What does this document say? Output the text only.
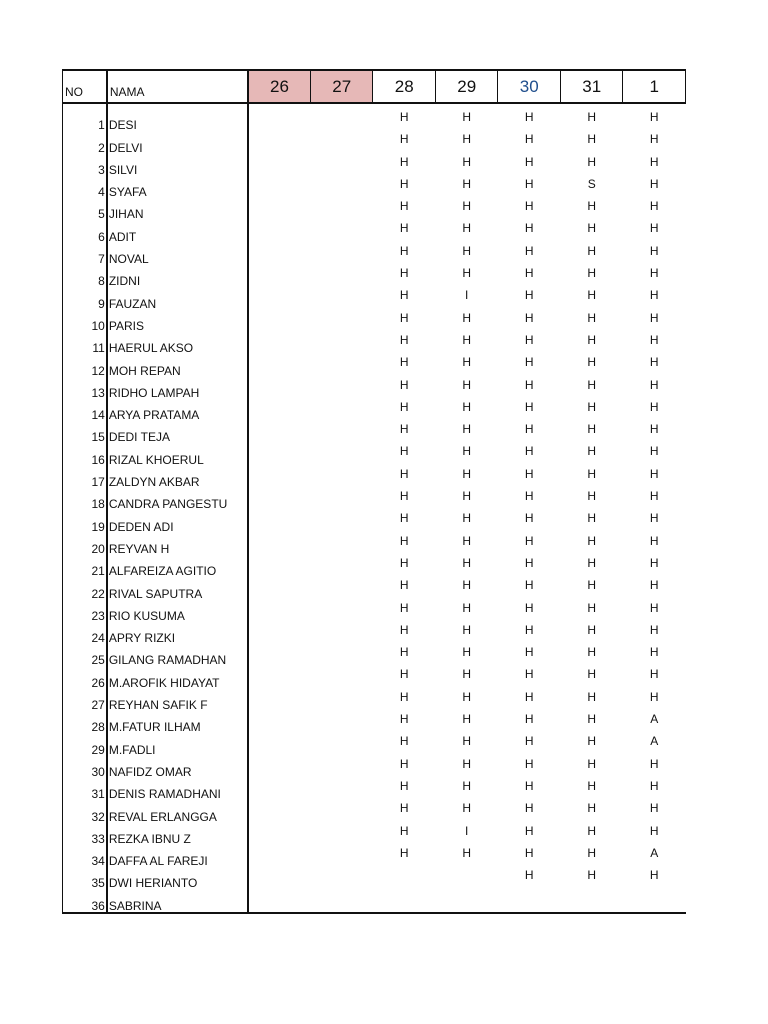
NO	NAMA	26	27	28	29	30	31	1
1	DESI			H	H	H	H	H
2	DELVI			H	H	H	H	H
3	SILVI			H	H	H	H	H
4	SYAFA			H	H	H	S	H
5	JIHAN			H	H	H	H	H
6	ADIT			H	H	H	H	H
7	NOVAL			H	H	H	H	H
8	ZIDNI			H	H	H	H	H
9	FAUZAN			H	I	H	H	H
10	PARIS			H	H	H	H	H
11	HAERUL AKSO			H	H	H	H	H
12	MOH REPAN			H	H	H	H	H
13	RIDHO LAMPAH			H	H	H	H	H
14	ARYA PRATAMA			H	H	H	H	H
15	DEDI TEJA			H	H	H	H	H
16	RIZAL KHOERUL			H	H	H	H	H
17	ZALDYN AKBAR			H	H	H	H	H
18	CANDRA PANGESTU			H	H	H	H	H
19	DEDEN ADI			H	H	H	H	H
20	REYVAN H			H	H	H	H	H
21	ALFAREIZA AGITIO			H	H	H	H	H
22	RIVAL SAPUTRA			H	H	H	H	H
23	RIO KUSUMA			H	H	H	H	H
24	APRY RIZKI			H	H	H	H	H
25	GILANG RAMADHAN			H	H	H	H	H
26	M.AROFIK HIDAYAT			H	H	H	H	H
27	REYHAN SAFIK F			H	H	H	H	H
28	M.FATUR ILHAM			H	H	H	H	A
29	M.FADLI			H	H	H	H	A
30	NAFIDZ OMAR			H	H	H	H	H
31	DENIS RAMADHANI			H	H	H	H	H
32	REVAL ERLANGGA			H	H	H	H	H
33	REZKA IBNU Z			H	I	H	H	H
34	DAFFA AL FAREJI			H	H	H	H	A
35	DWI HERIANTO					H	H	H
36	SABRINA							
